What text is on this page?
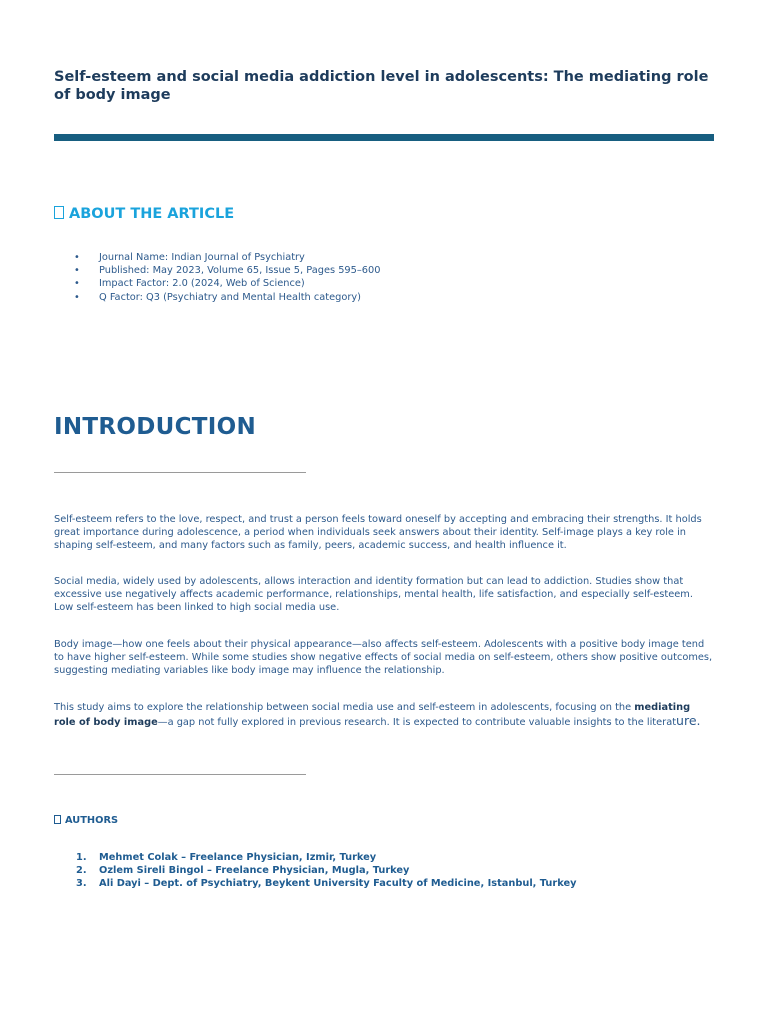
Self-esteem and social media addiction level in adolescents: The mediating role of body image
ABOUT THE ARTICLE
• Journal Name: Indian Journal of Psychiatry
• Published: May 2023, Volume 65, Issue 5, Pages 595–600
• Impact Factor: 2.0 (2024, Web of Science)
• Q Factor: Q3 (Psychiatry and Mental Health category)
INTRODUCTION

Self-esteem refers to the love, respect, and trust a person feels toward oneself by accepting and embracing their strengths. It holds great importance during adolescence, a period when individuals seek answers about their identity. Self-image plays a key role in shaping self-esteem, and many factors such as family, peers, academic success, and health influence it.

Social media, widely used by adolescents, allows interaction and identity formation but can lead to addiction. Studies show that excessive use negatively affects academic performance, relationships, mental health, life satisfaction, and especially self-esteem. Low self-esteem has been linked to high social media use.

Body image—how one feels about their physical appearance—also affects self-esteem. Adolescents with a positive body image tend to have higher self-esteem. While some studies show negative effects of social media on self-esteem, others show positive outcomes, suggesting mediating variables like body image may influence the relationship.

This study aims to explore the relationship between social media use and self-esteem in adolescents, focusing on the mediating role of body image—a gap not fully explored in previous research. It is expected to contribute valuable insights to the literature.

AUTHORS
1. Mehmet Colak – Freelance Physician, Izmir, Turkey
2. Ozlem Sireli Bingol – Freelance Physician, Mugla, Turkey
3. Ali Dayi – Dept. of Psychiatry, Beykent University Faculty of Medicine, Istanbul, Turkey
